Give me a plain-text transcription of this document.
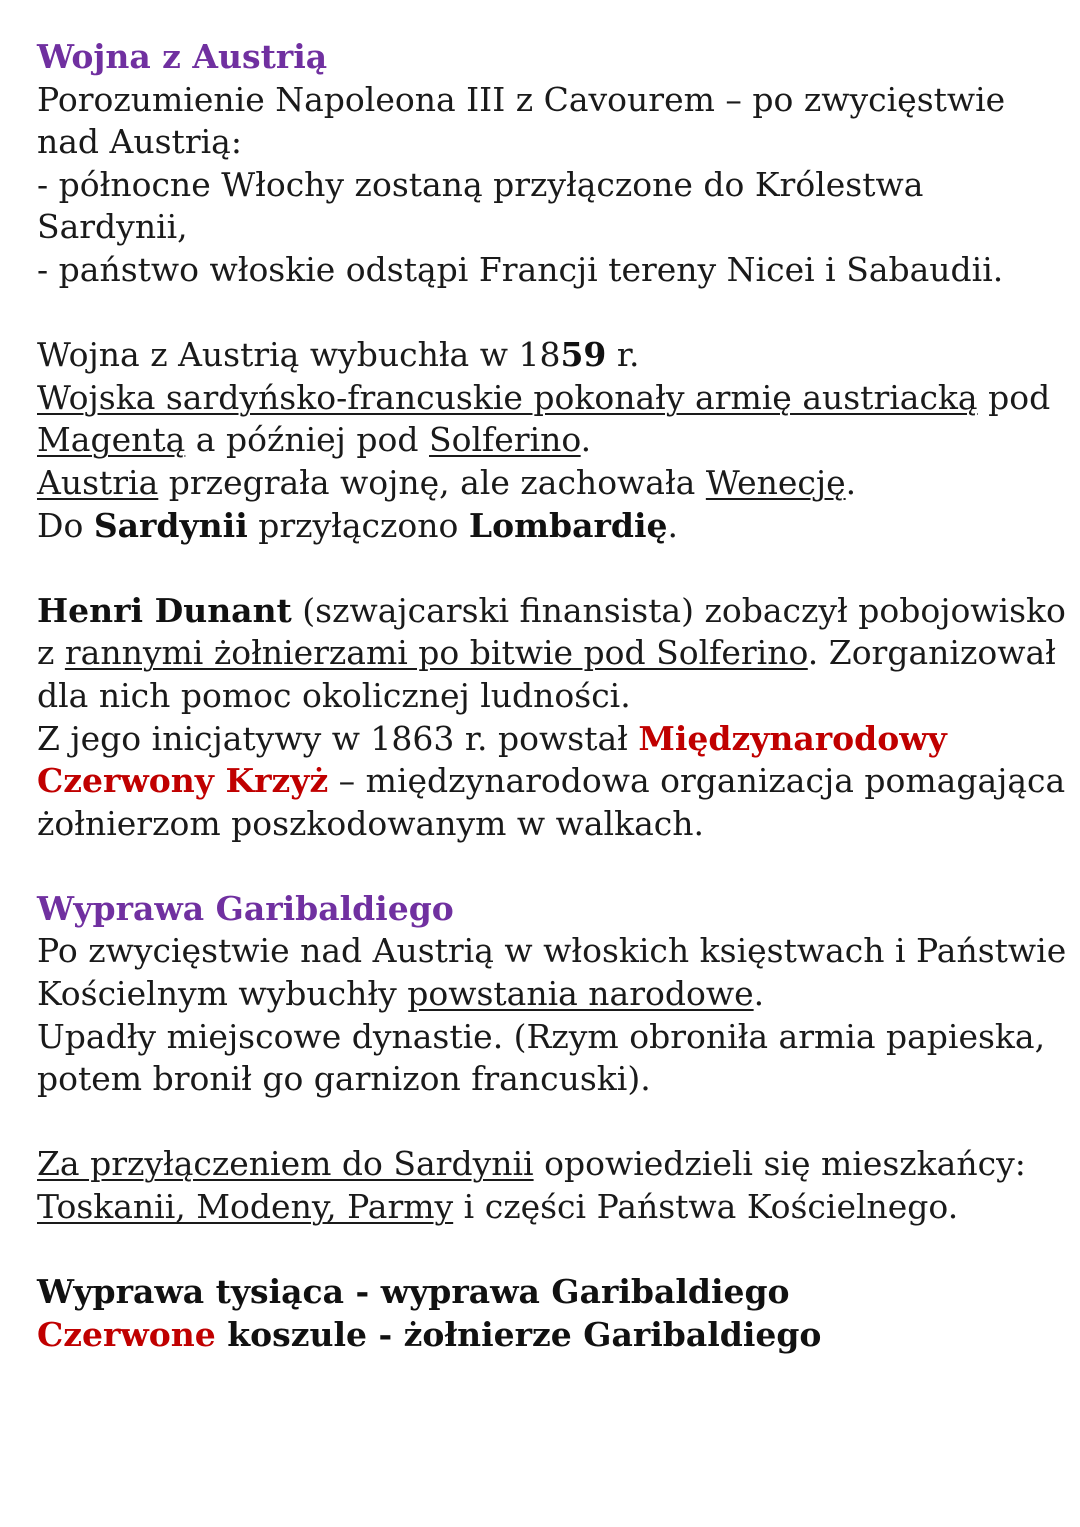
Wojna z Austrią

Porozumienie Napoleona III z Cavourem – po zwycięstwie nad Austrią:

- północne Włochy zostaną przyłączone do Królestwa Sardynii,

- państwo włoskie odstąpi Francji tereny Nicei i Sabaudii.

Wojna z Austrią wybuchła w 1859 r.

Wojska sardyńsko-francuskie pokonały armię austriacką pod Magentą a później pod Solferino.

Austria przegrała wojnę, ale zachowała Wenecję.

Do Sardynii przyłączono Lombardię.

Henri Dunant (szwajcarski finansista) zobaczył pobojowisko z rannymi żołnierzami po bitwie pod Solferino. Zorganizował dla nich pomoc okolicznej ludności.

Z jego inicjatywy w 1863 r. powstał Międzynarodowy Czerwony Krzyż – międzynarodowa organizacja pomagająca żołnierzom poszkodowanym w walkach.

Wyprawa Garibaldiego

Po zwycięstwie nad Austrią w włoskich księstwach i Państwie Kościelnym wybuchły powstania narodowe.

Upadły miejscowe dynastie. (Rzym obroniła armia papieska, potem bronił go garnizon francuski).

Za przyłączeniem do Sardynii opowiedzieli się mieszkańcy: Toskanii, Modeny, Parmy i części Państwa Kościelnego.

Wyprawa tysiąca - wyprawa Garibaldiego

Czerwone koszule - żołnierze Garibaldiego
